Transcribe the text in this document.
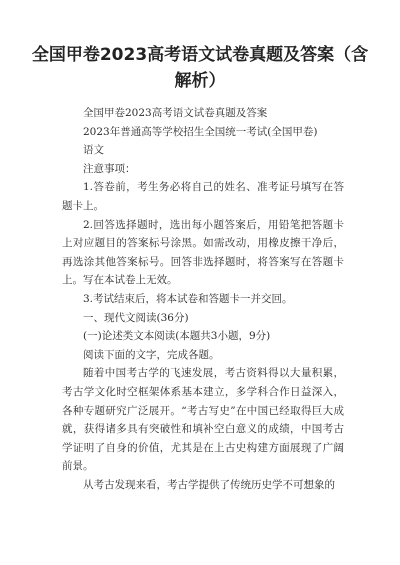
全国甲卷2023高考语文试卷真题及答案（含
解析）

全国甲卷2023高考语文试卷真题及答案

2023年普通高等学校招生全国统一考试(全国甲卷)

语文

注意事项：

1.答卷前，考生务必将自己的姓名、准考证号填写在答题卡上。

2.回答选择题时，选出每小题答案后，用铅笔把答题卡上对应题目的答案标号涂黑。如需改动，用橡皮擦干净后，再选涂其他答案标号。回答非选择题时，将答案写在答题卡上。写在本试卷上无效。

3.考试结束后，将本试卷和答题卡一并交回。

一、现代文阅读(36分)

(一)论述类文本阅读(本题共3小题，9分)

阅读下面的文字，完成各题。

随着中国考古学的飞速发展，考古资料得以大量积累，考古学文化时空框架体系基本建立，多学科合作日益深入，各种专题研究广泛展开。“考古写史”在中国已经取得巨大成就，获得诸多具有突破性和填补空白意义的成绩，中国考古学证明了自身的价值，尤其是在上古史构建方面展现了广阔前景。

从考古发现来看，考古学提供了传统历史学不可想象的
